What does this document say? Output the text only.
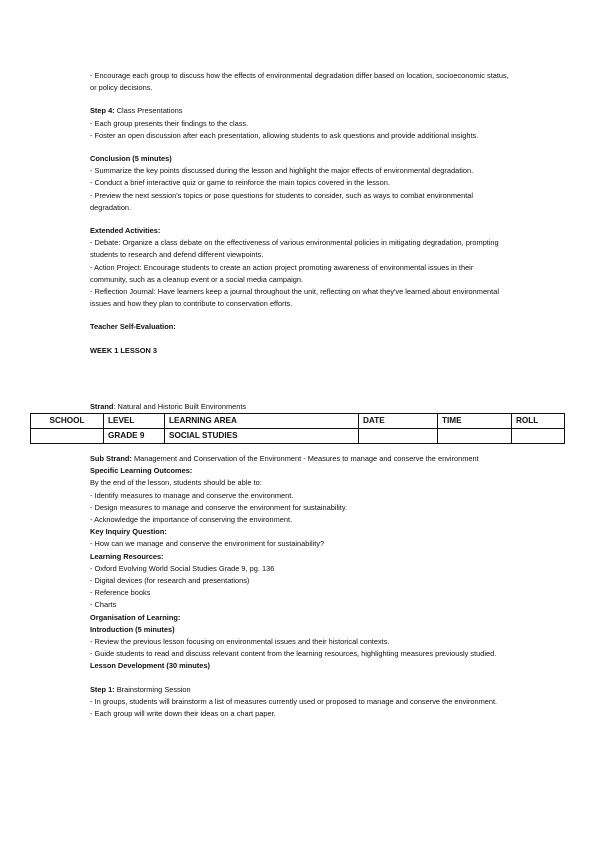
- Encourage each group to discuss how the effects of environmental degradation differ based on location, socioeconomic status, or policy decisions.

Step 4: Class Presentations

- Each group presents their findings to the class.

- Foster an open discussion after each presentation, allowing students to ask questions and provide additional insights.

Conclusion (5 minutes)

- Summarize the key points discussed during the lesson and highlight the major effects of environmental degradation.

- Conduct a brief interactive quiz or game to reinforce the main topics covered in the lesson.

- Preview the next session's topics or pose questions for students to consider, such as ways to combat environmental degradation.

Extended Activities:

- Debate: Organize a class debate on the effectiveness of various environmental policies in mitigating degradation, prompting students to research and defend different viewpoints.

- Action Project: Encourage students to create an action project promoting awareness of environmental issues in their community, such as a cleanup event or a social media campaign.

- Reflection Journal: Have learners keep a journal throughout the unit, reflecting on what they've learned about environmental issues and how they plan to contribute to conservation efforts.

Teacher Self-Evaluation:

WEEK 1 LESSON 3

Strand: Natural and Historic Built Environments
SCHOOL	LEVEL	LEARNING AREA	DATE	TIME	ROLL
	GRADE 9	SOCIAL STUDIES			

Sub Strand: Management and Conservation of the Environment - Measures to manage and conserve the environment

Specific Learning Outcomes:

By the end of the lesson, students should be able to:

- Identify measures to manage and conserve the environment.

- Design measures to manage and conserve the environment for sustainability.

- Acknowledge the importance of conserving the environment.

Key Inquiry Question:

- How can we manage and conserve the environment for sustainability?

Learning Resources:

- Oxford Evolving World Social Studies Grade 9, pg. 136

- Digital devices (for research and presentations)

- Reference books

- Charts

Organisation of Learning:

Introduction (5 minutes)

- Review the previous lesson focusing on environmental issues and their historical contexts.

- Guide students to read and discuss relevant content from the learning resources, highlighting measures previously studied.

Lesson Development (30 minutes)

Step 1: Brainstorming Session

- In groups, students will brainstorm a list of measures currently used or proposed to manage and conserve the environment.

- Each group will write down their ideas on a chart paper.
